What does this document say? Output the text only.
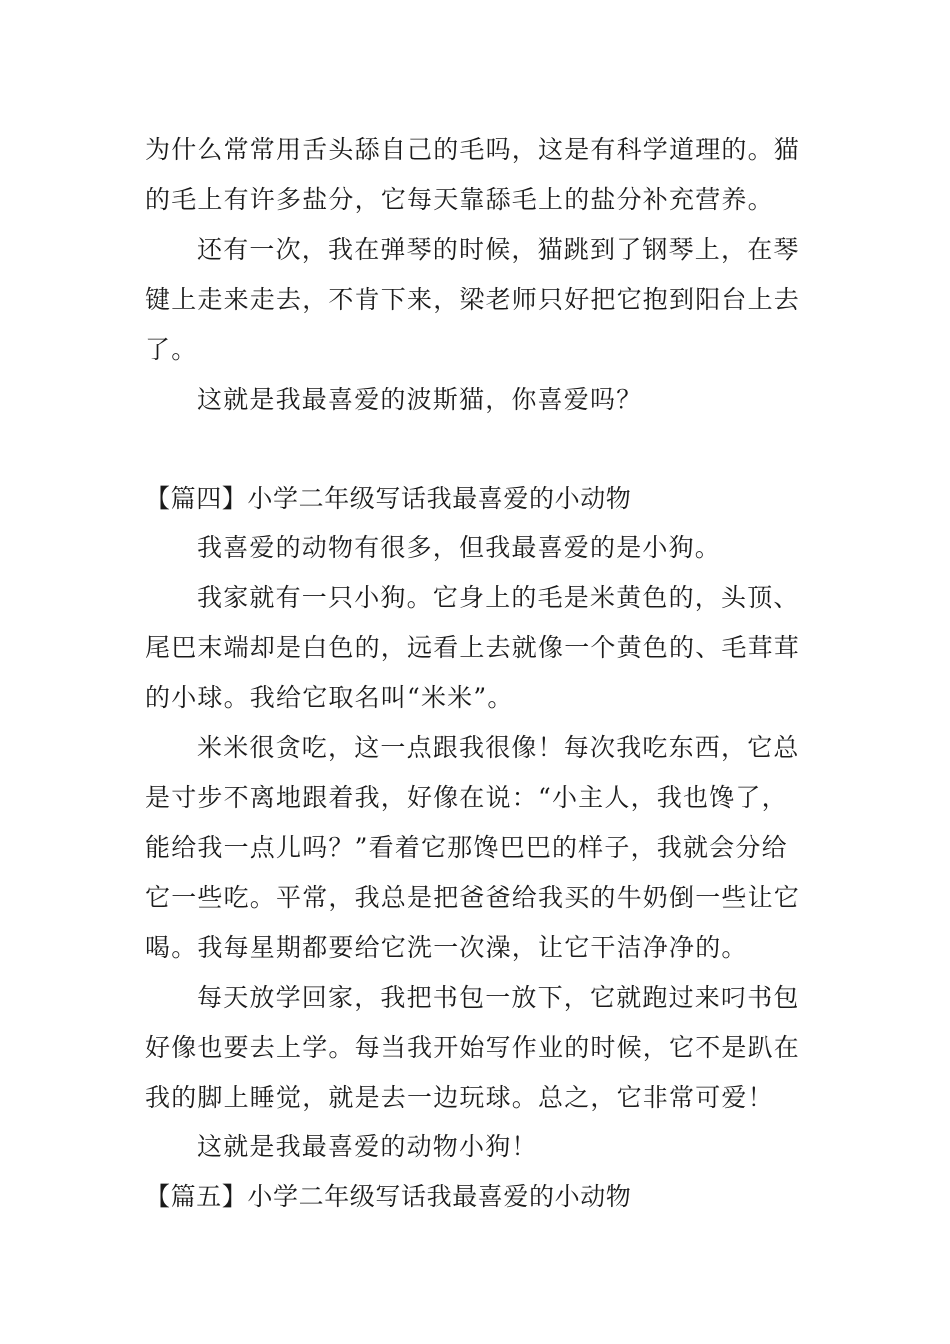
为什么常常用舌头舔自己的毛吗，这是有科学道理的。猫
的毛上有许多盐分，它每天靠舔毛上的盐分补充营养。
还有一次，我在弹琴的时候，猫跳到了钢琴上，在琴
键上走来走去，不肯下来，梁老师只好把它抱到阳台上去
了。
这就是我最喜爱的波斯猫，你喜爱吗？
【篇四】小学二年级写话我最喜爱的小动物
我喜爱的动物有很多，但我最喜爱的是小狗。
我家就有一只小狗。它身上的毛是米黄色的，头顶、
尾巴末端却是白色的，远看上去就像一个黄色的、毛茸茸
的小球。我给它取名叫“米米”。
米米很贪吃，这一点跟我很像！每次我吃东西，它总
是寸步不离地跟着我，好像在说：“小主人，我也馋了，
能给我一点儿吗？”看着它那馋巴巴的样子，我就会分给
它一些吃。平常，我总是把爸爸给我买的牛奶倒一些让它
喝。我每星期都要给它洗一次澡，让它干洁净净的。
每天放学回家，我把书包一放下，它就跑过来叼书包
好像也要去上学。每当我开始写作业的时候，它不是趴在
我的脚上睡觉，就是去一边玩球。总之，它非常可爱！
这就是我最喜爱的动物小狗！
【篇五】小学二年级写话我最喜爱的小动物
